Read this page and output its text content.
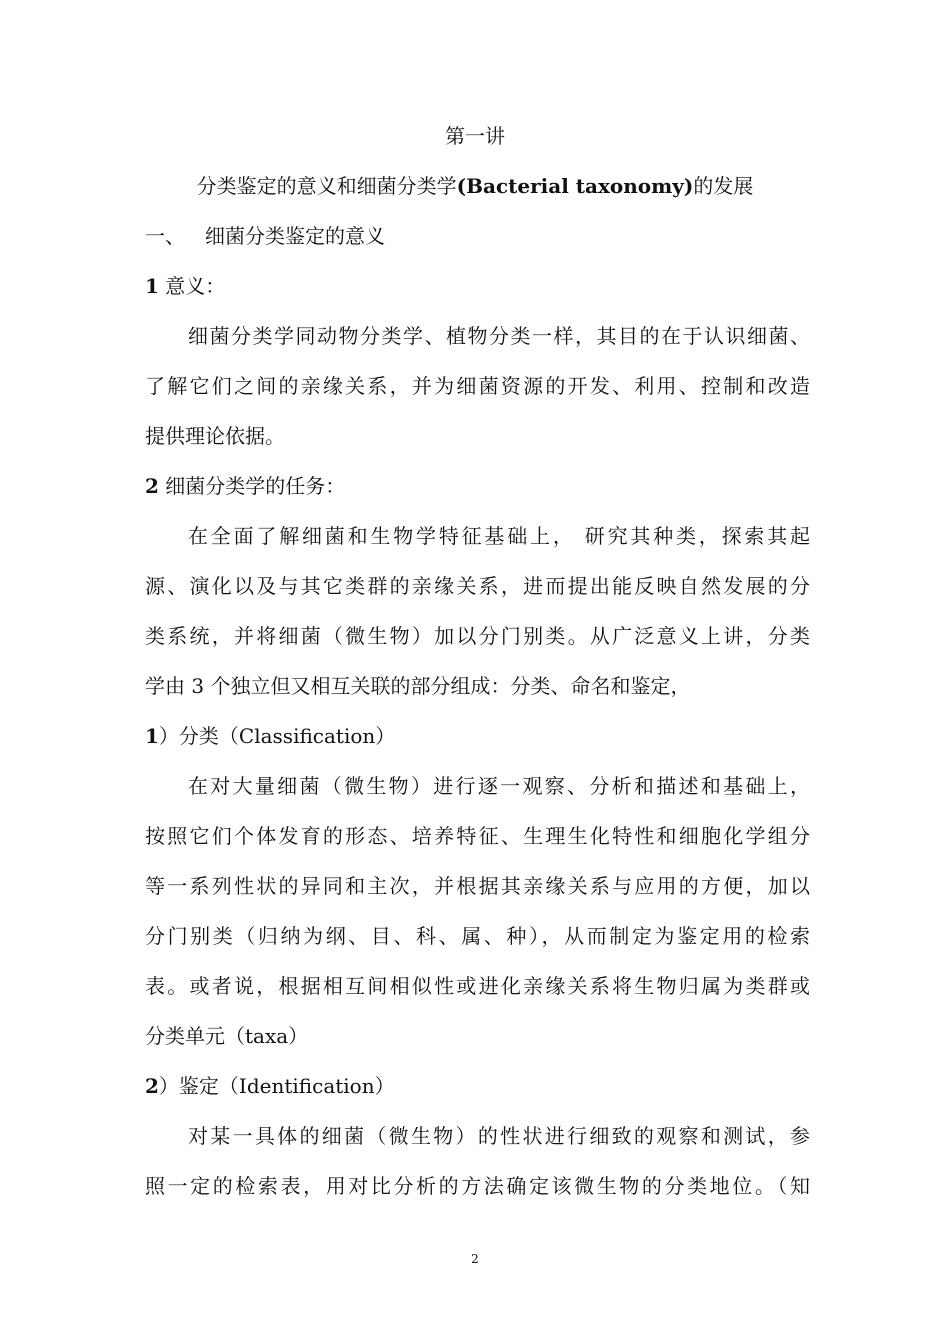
第一讲
分类鉴定的意义和细菌分类学(Bacterial taxonomy)的发展
一、 细菌分类鉴定的意义
1 意义：
细菌分类学同动物分类学、植物分类一样，其目的在于认识细菌、
了解它们之间的亲缘关系，并为细菌资源的开发、利用、控制和改造
提供理论依据。
2 细菌分类学的任务：
在全面了解细菌和生物学特征基础上， 研究其种类，探索其起
源、演化以及与其它类群的亲缘关系，进而提出能反映自然发展的分
类系统，并将细菌（微生物）加以分门别类。从广泛意义上讲，分类
学由 3 个独立但又相互关联的部分组成：分类、命名和鉴定，
1）分类（Classification）
在对大量细菌（微生物）进行逐一观察、分析和描述和基础上，
按照它们个体发育的形态、培养特征、生理生化特性和细胞化学组分
等一系列性状的异同和主次，并根据其亲缘关系与应用的方便，加以
分门别类（归纳为纲、目、科、属、种），从而制定为鉴定用的检索
表。或者说，根据相互间相似性或进化亲缘关系将生物归属为类群或
分类单元（taxa）
2）鉴定（Identification）
对某一具体的细菌（微生物）的性状进行细致的观察和测试，参
照一定的检索表，用对比分析的方法确定该微生物的分类地位。（知
2
